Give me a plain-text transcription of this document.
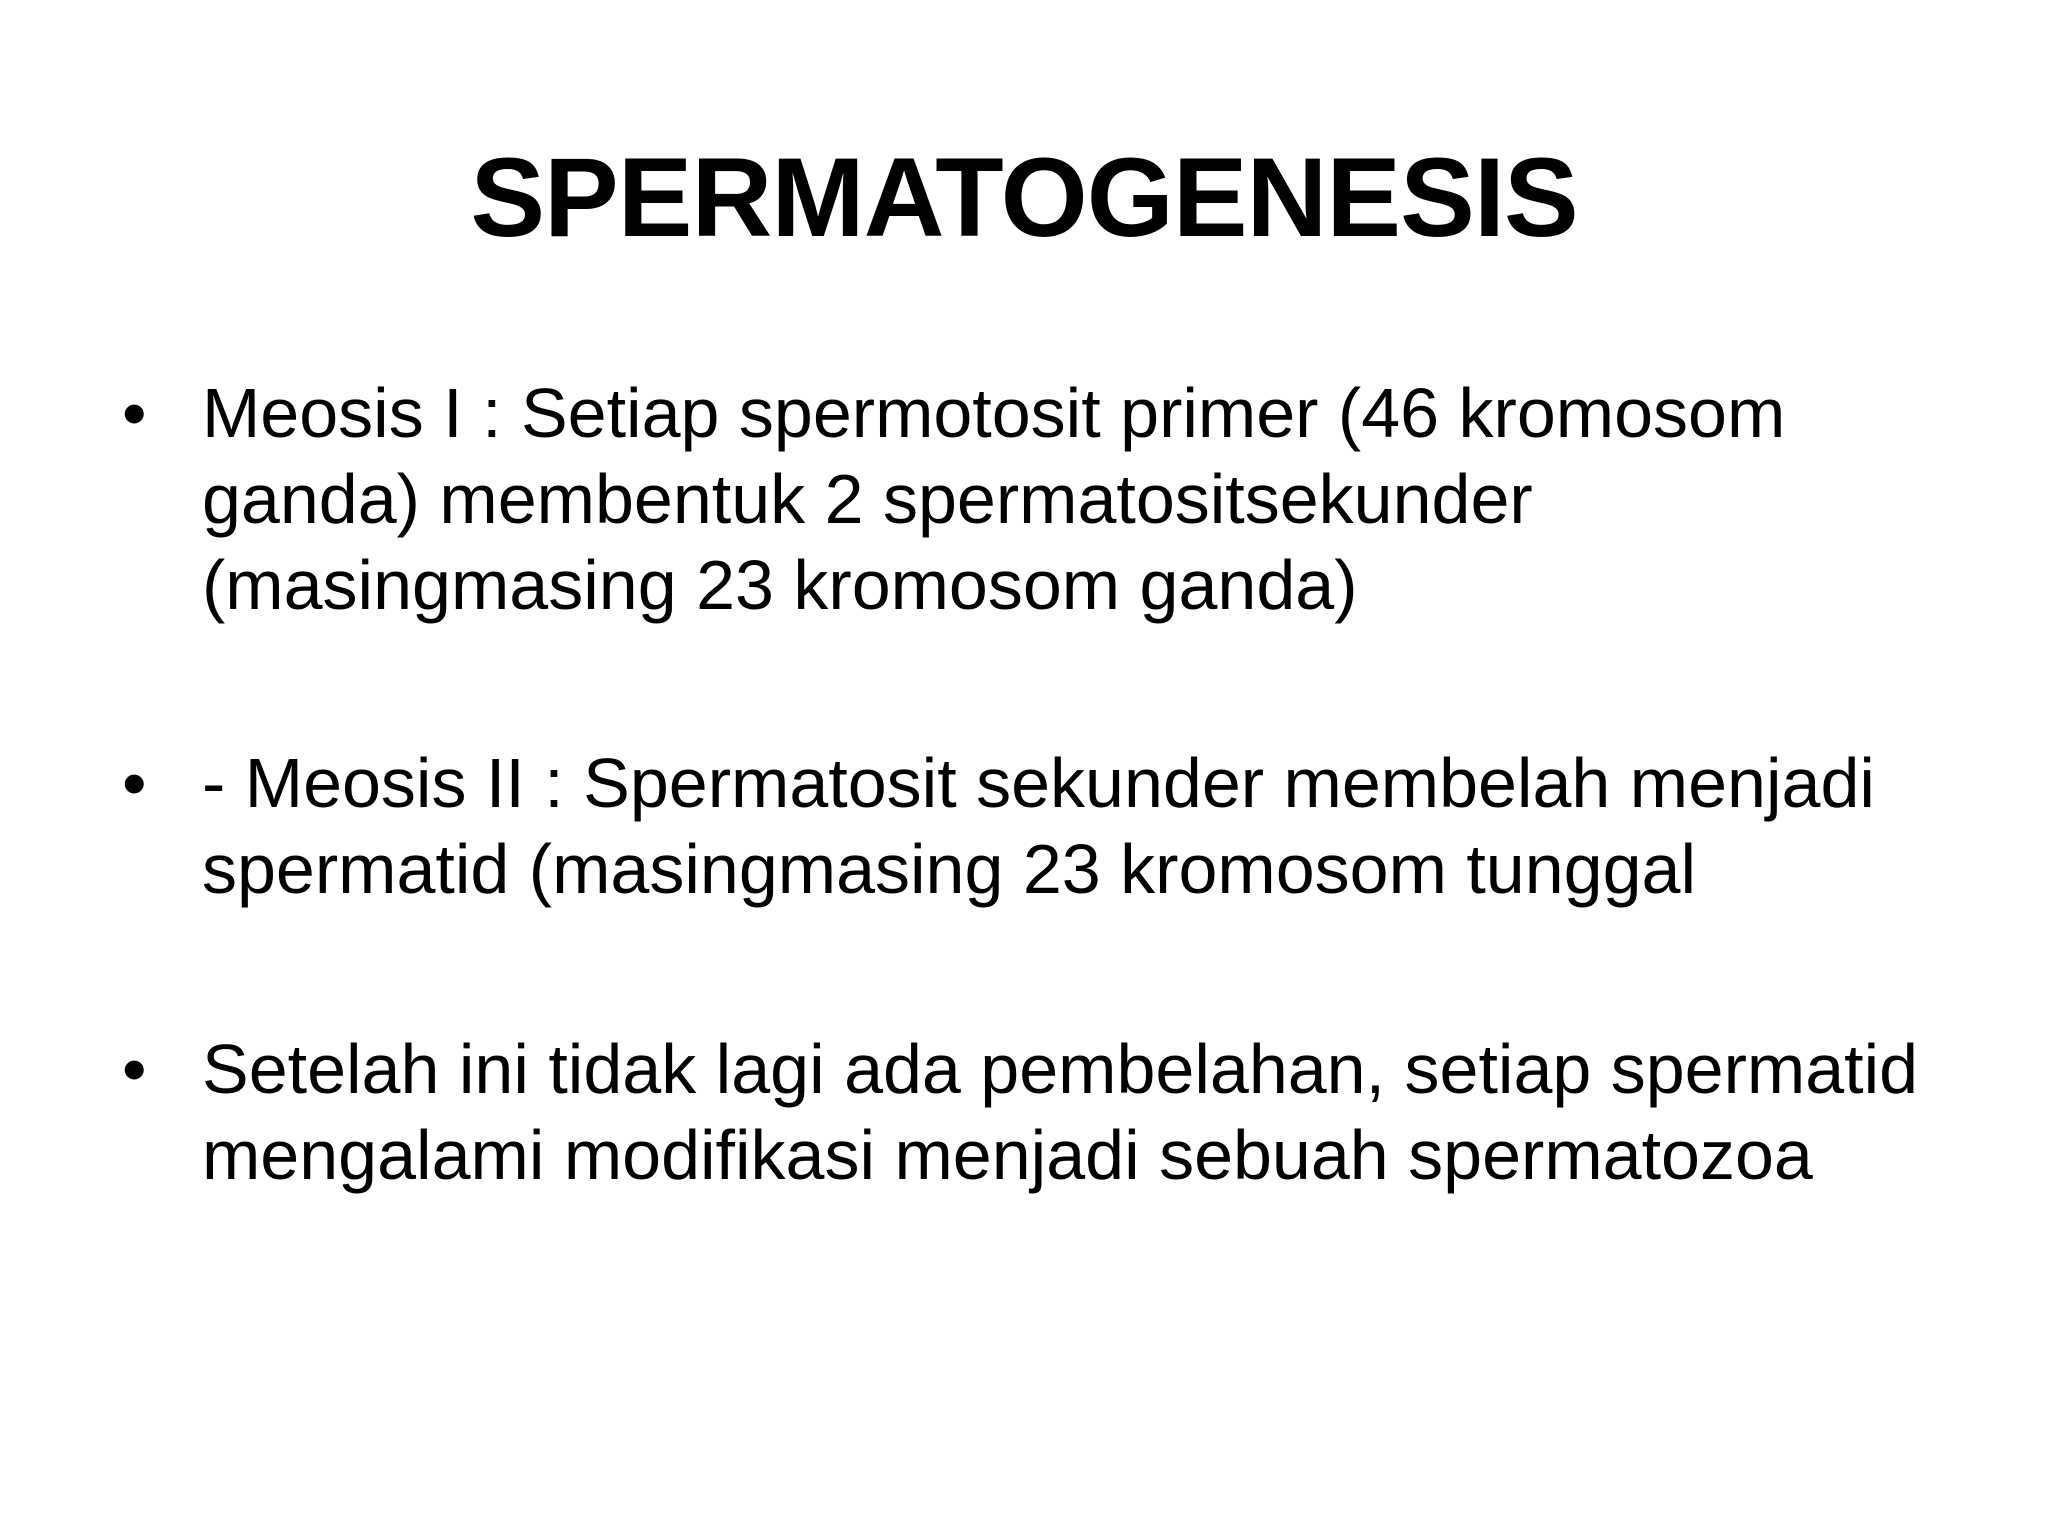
SPERMATOGENESIS
• Meosis I : Setiap spermotosit primer (46 kromosom
ganda) membentuk 2 spermatositsekunder
(masingmasing 23 kromosom ganda)
• - Meosis II : Spermatosit sekunder membelah menjadi
spermatid (masingmasing 23 kromosom tunggal
• Setelah ini tidak lagi ada pembelahan, setiap spermatid
mengalami modifikasi menjadi sebuah spermatozoa
